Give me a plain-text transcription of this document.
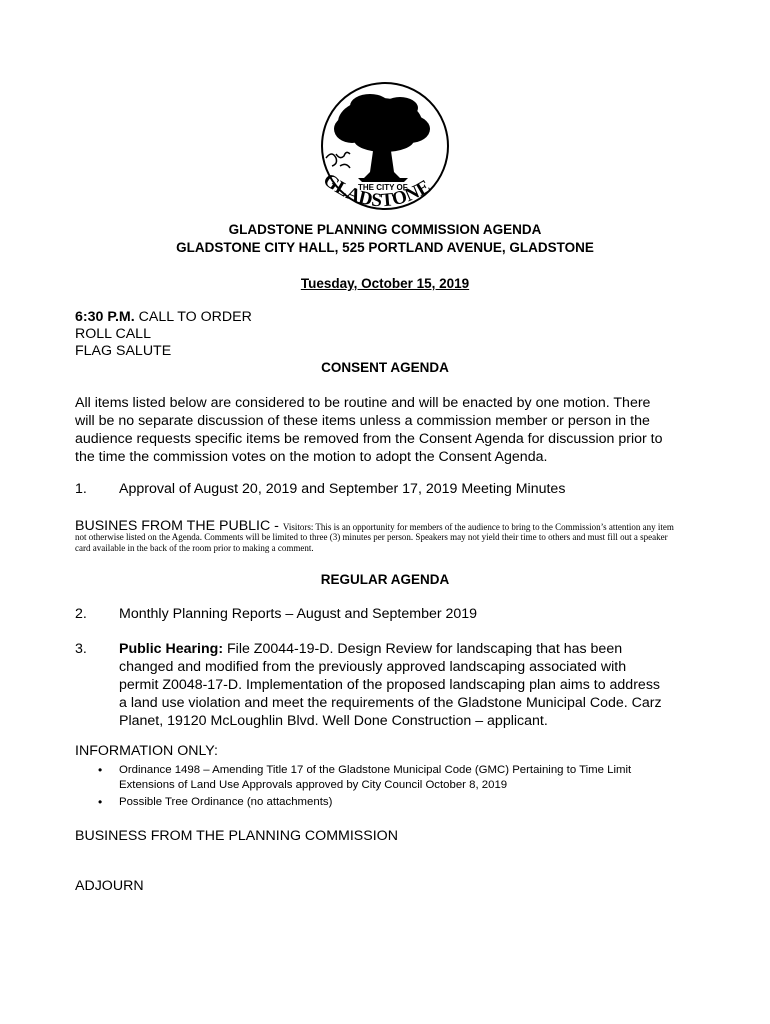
THE CITY OF
GLADSTONE
GLADSTONE PLANNING COMMISSION AGENDA
GLADSTONE CITY HALL, 525 PORTLAND AVENUE, GLADSTONE
Tuesday, October 15, 2019
6:30 P.M. CALL TO ORDER
ROLL CALL
FLAG SALUTE
CONSENT AGENDA
All items listed below are considered to be routine and will be enacted by one motion. There
will be no separate discussion of these items unless a commission member or person in the
audience requests specific items be removed from the Consent Agenda for discussion prior to
the time the commission votes on the motion to adopt the Consent Agenda.
1. Approval of August 20, 2019 and September 17, 2019 Meeting Minutes
BUSINES FROM THE PUBLIC - Visitors: This is an opportunity for members of the audience to bring to the Commission’s attention any item
not otherwise listed on the Agenda. Comments will be limited to three (3) minutes per person. Speakers may not yield their time to others and must fill out a speaker
card available in the back of the room prior to making a comment.
REGULAR AGENDA
2. Monthly Planning Reports – August and September 2019
3. Public Hearing: File Z0044-19-D. Design Review for landscaping that has been
changed and modified from the previously approved landscaping associated with
permit Z0048-17-D. Implementation of the proposed landscaping plan aims to address
a land use violation and meet the requirements of the Gladstone Municipal Code. Carz
Planet, 19120 McLoughlin Blvd. Well Done Construction – applicant.
INFORMATION ONLY:
• Ordinance 1498 – Amending Title 17 of the Gladstone Municipal Code (GMC) Pertaining to Time Limit
Extensions of Land Use Approvals approved by City Council October 8, 2019
• Possible Tree Ordinance (no attachments)
BUSINESS FROM THE PLANNING COMMISSION
ADJOURN
